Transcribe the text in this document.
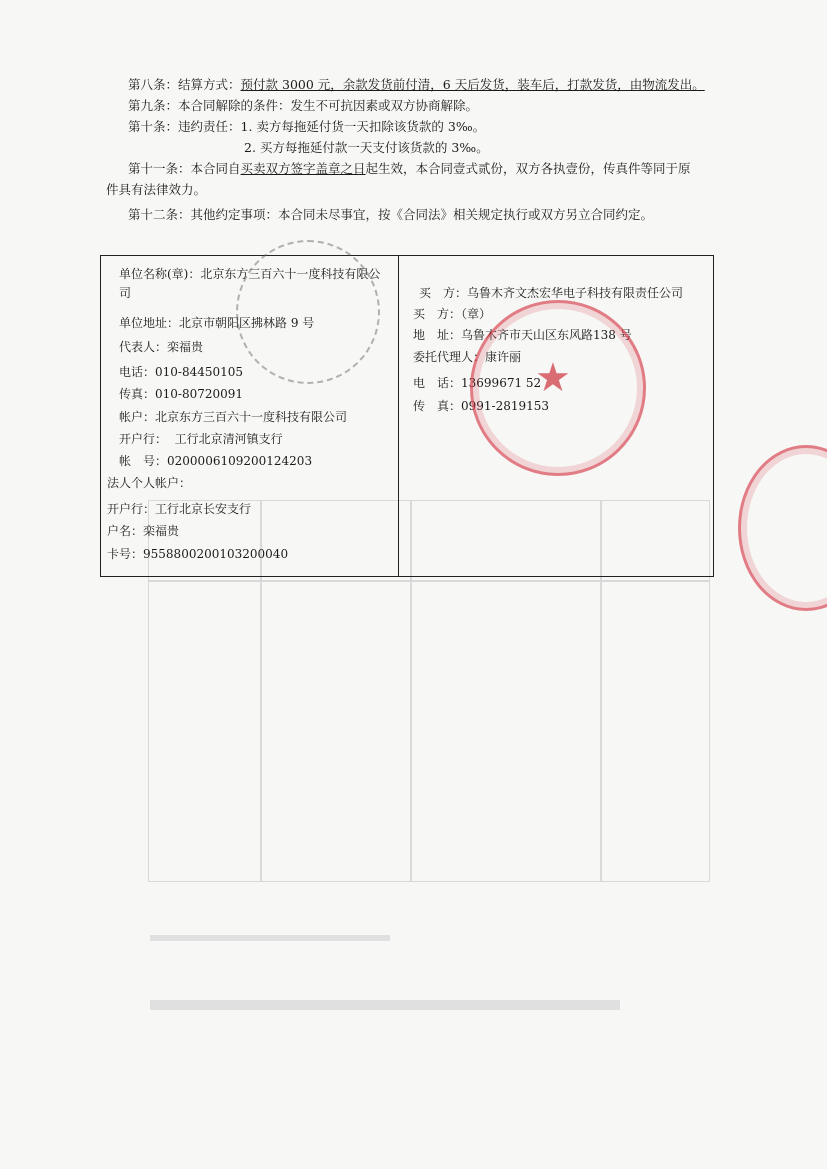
第八条：结算方式：预付款 3000 元，余款发货前付清，6 天后发货，装车后，打款发货，由物流发出。
第九条：本合同解除的条件：发生不可抗因素或双方协商解除。
第十条：违约责任：1. 卖方每拖延付货一天扣除该货款的 3‰。
2. 买方每拖延付款一天支付该货款的 3‰。
第十一条：本合同自买卖双方签字盖章之日起生效，本合同壹式贰份，双方各执壹份，传真件等同于原
件具有法律效力。
第十二条：其他约定事项：本合同未尽事宜，按《合同法》相关规定执行或双方另立合同约定。
单位名称(章)：北京东方三百六十一度科技有限公
司
单位地址：北京市朝阳区拂林路 9 号
代表人：栾福贵
电话：010-84450105
传真：010-80720091
帐户：北京东方三百六十一度科技有限公司
开户行： 工行北京清河镇支行
帐　号：0200006109200124203
法人个人帐户：
开户行：工行北京长安支行
户名：栾福贵
卡号：9558800200103200040
买　方：乌鲁木齐文杰宏华电子科技有限责任公司
买　方：（章）
地　址：乌鲁木齐市天山区东风路138 号
委托代理人：康许丽
电　话：13699671 52
传　真：0991-2819153
★
